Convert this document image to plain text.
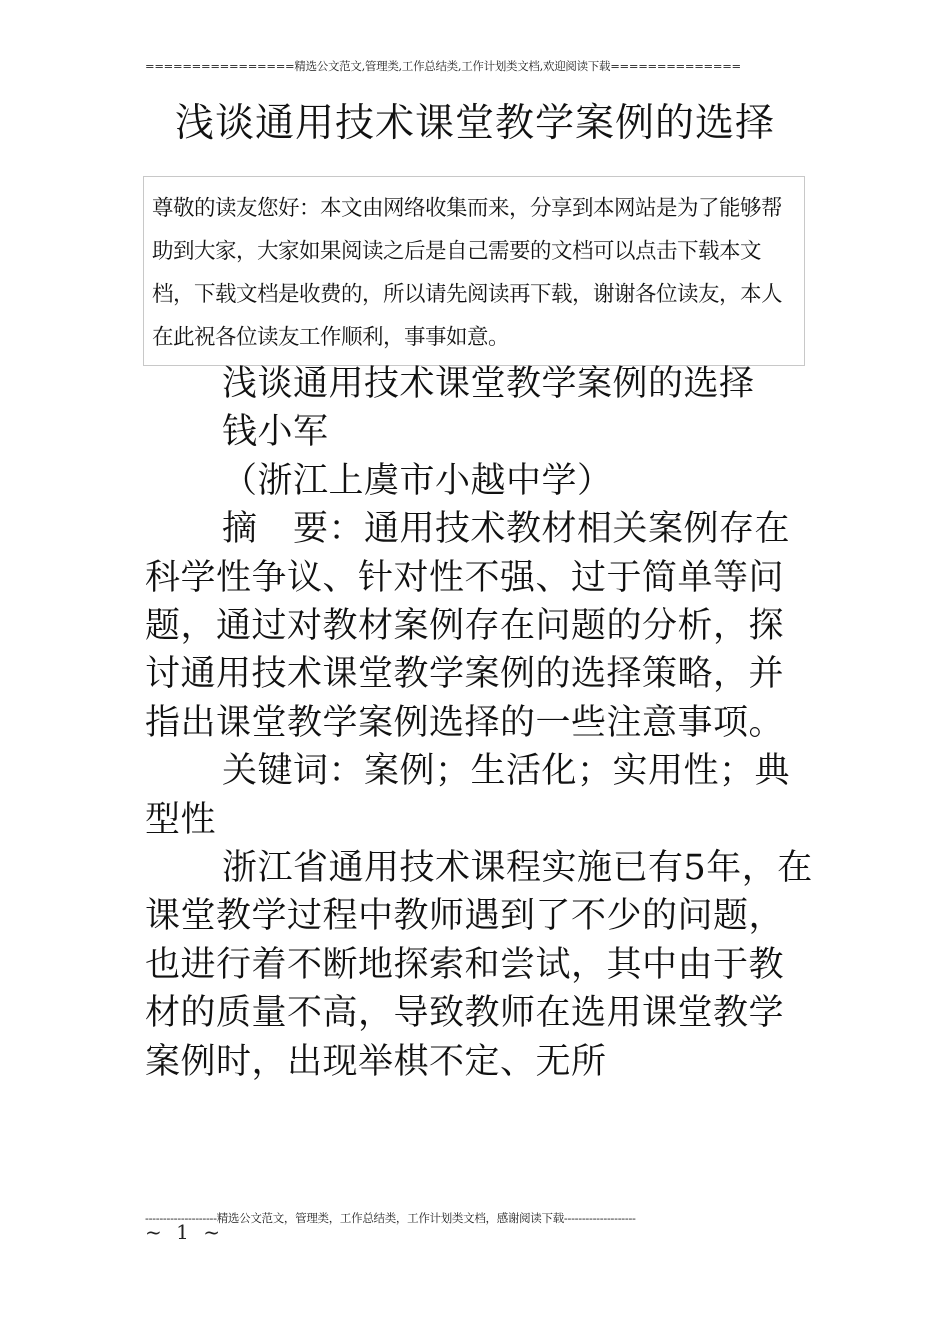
================精选公文范文,管理类,工作总结类,工作计划类文档,欢迎阅读下载==============
浅谈通用技术课堂教学案例的选择
尊敬的读友您好：本文由网络收集而来，分享到本网站是为了能够帮助到大家，大家如果阅读之后是自己需要的文档可以点击下载本文档，下载文档是收费的，所以请先阅读再下载，谢谢各位读友，本人在此祝各位读友工作顺利，事事如意。

浅谈通用技术课堂教学案例的选择

钱小军

（浙江上虞市小越中学）

摘　要：通用技术教材相关案例存在科学性争议、针对性不强、过于简单等问题，通过对教材案例存在问题的分析，探讨通用技术课堂教学案例的选择策略，并指出课堂教学案例选择的一些注意事项。

关键词：案例；生活化；实用性；典型性

浙江省通用技术课程实施已有5年，在课堂教学过程中教师遇到了不少的问题，也进行着不断地探索和尝试，其中由于教材的质量不高，导致教师在选用课堂教学案例时，出现举棋不定、无所

--------------------精选公文范文，管理类，工作总结类，工作计划类文档，感谢阅读下载--------------------
~ 1 ~
